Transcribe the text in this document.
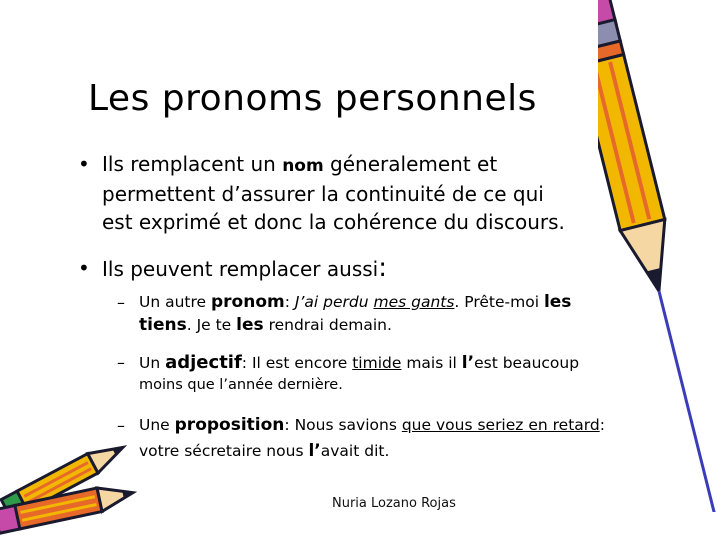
Les pronoms personnels
• Ils remplacent un nom géneralement et
permettent d’assurer la continuité de ce qui
est exprimé et donc la cohérence du discours.
• Ils peuvent remplacer aussi:
– Un autre pronom: J’ai perdu mes gants. Prête-moi les
tiens. Je te les rendrai demain.
– Un adjectif: Il est encore timide mais il l’est beaucoup
moins que l’année dernière.
– Une proposition: Nous savions que vous seriez en retard:
votre sécretaire nous l’avait dit.
Nuria Lozano Rojas
